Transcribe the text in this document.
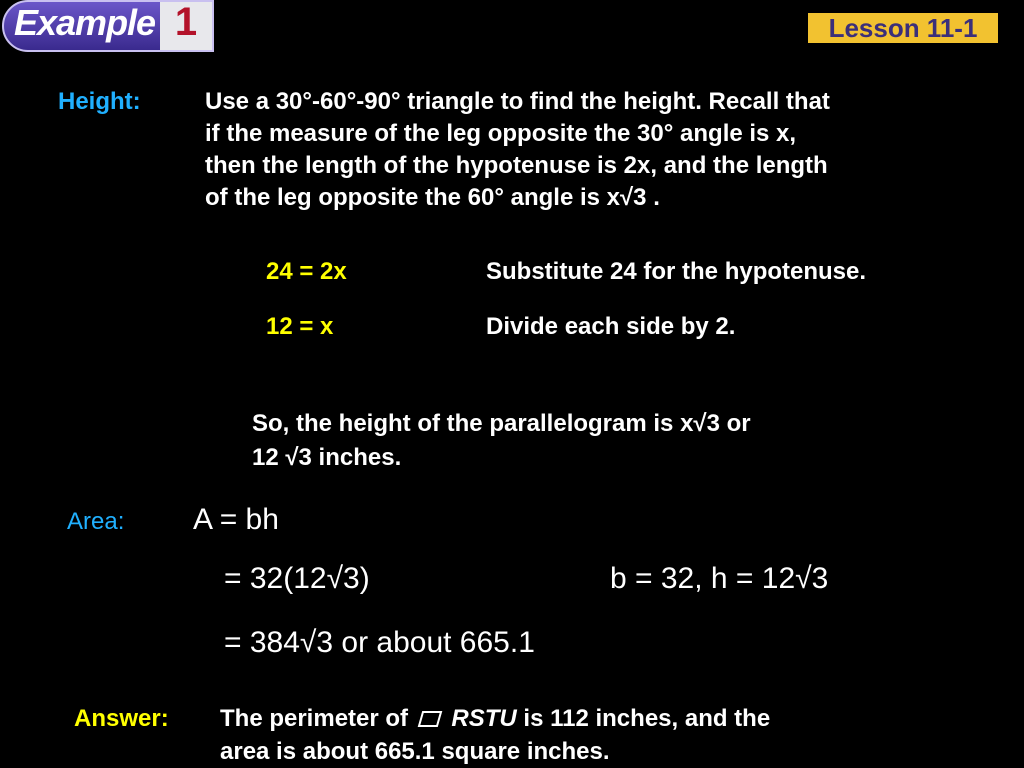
Example 1	Lesson 11-1
Height:	Use a 30°-60°-90° triangle to find the height. Recall that
if the measure of the leg opposite the 30° angle is x,
then the length of the hypotenuse is 2x, and the length
of the leg opposite the 60° angle is x√3 .
24 = 2x	Substitute 24 for the hypotenuse.
12 = x	Divide each side by 2.
So, the height of the parallelogram is x√3 or
12 √3 inches.
Area: A = bh
= 32(12√3)	b = 32, h = 12√3
= 384√3 or about 665.1
Answer: The perimeter of RSTU is 112 inches, and the
area is about 665.1 square inches.
